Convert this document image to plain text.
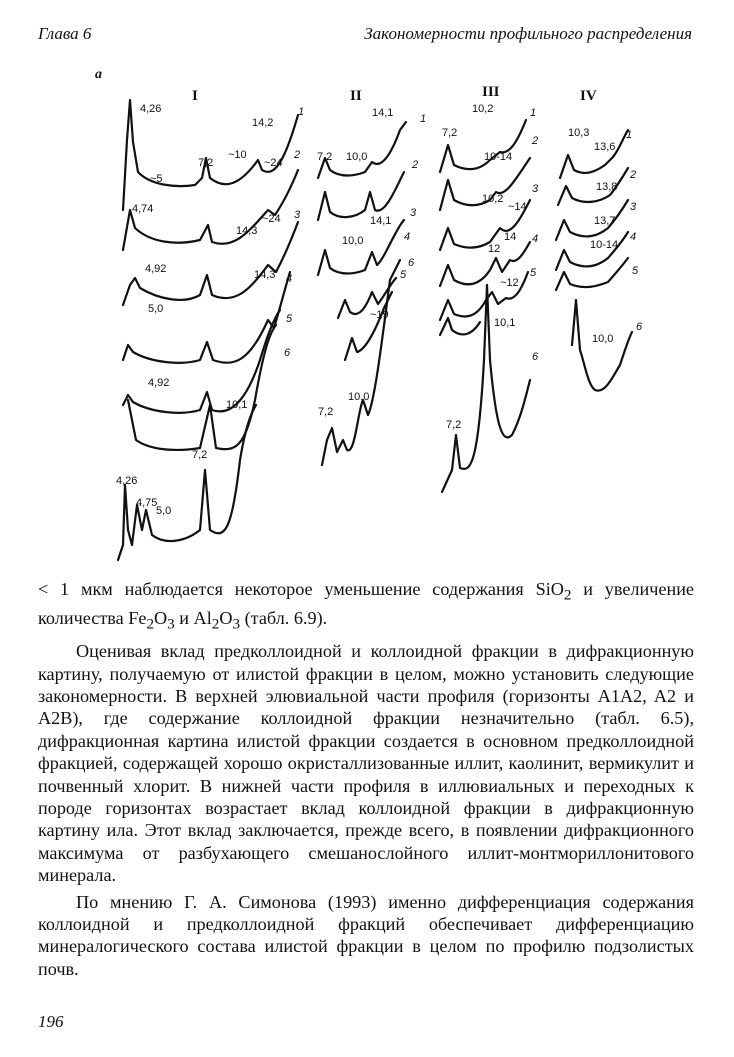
Глава 6	Закономерности профильного распределения
а
I
4,26
14,2
~10
7,2
~5
~24
4,74
~24
14,3
4,92	14,3
5,0
4,92
10,1
7,2
4,26
4,75
5,0
1
2
3
4
5
6
II
14,1
7,2 10,0
14,1
10,0
~19
10,0
7,2
1
2
3
4
5
6
III
10,2
7,2
10-14
10,2
~14
14
12
~12
10,1
7,2
1
2
3
4
5
6
IV
10,3
13,6
13,8
13,7
10-14
10,0
1
2
3
4
5
6

< 1 мкм наблюдается некоторое уменьшение содержания SiO$_2$ и увеличение количества $Fe_2O_3$ и $Al_2O_3$ (табл. 6.9).

Оценивая вклад предколлоидной и коллоидной фракции в дифракционную картину, получаемую от илистой фракции в целом, можно установить следующие закономерности. В верхней элювиальной части профиля (горизонты A1A2, A2 и A2B), где содержание коллоидной фракции незначительно (табл. 6.5), дифракционная картина илистой фракции создается в основном предколлоидной фракцией, содержащей хорошо окристаллизованные иллит, каолинит, вермикулит и почвенный хлорит. В нижней части профиля в иллювиальных и переходных к породе горизонтах возрастает вклад коллоидной фракции в дифракционную картину ила. Этот вклад заключается, прежде всего, в появлении дифракционного максимума от разбухающего смешанослойного иллит-монтмориллонитового минерала.

По мнению Г. А. Симонова (1993) именно дифференциация содержания коллоидной и предколлоидной фракций обеспечивает дифференциацию минералогического состава илистой фракции в целом по профилю подзолистых почв.

196
